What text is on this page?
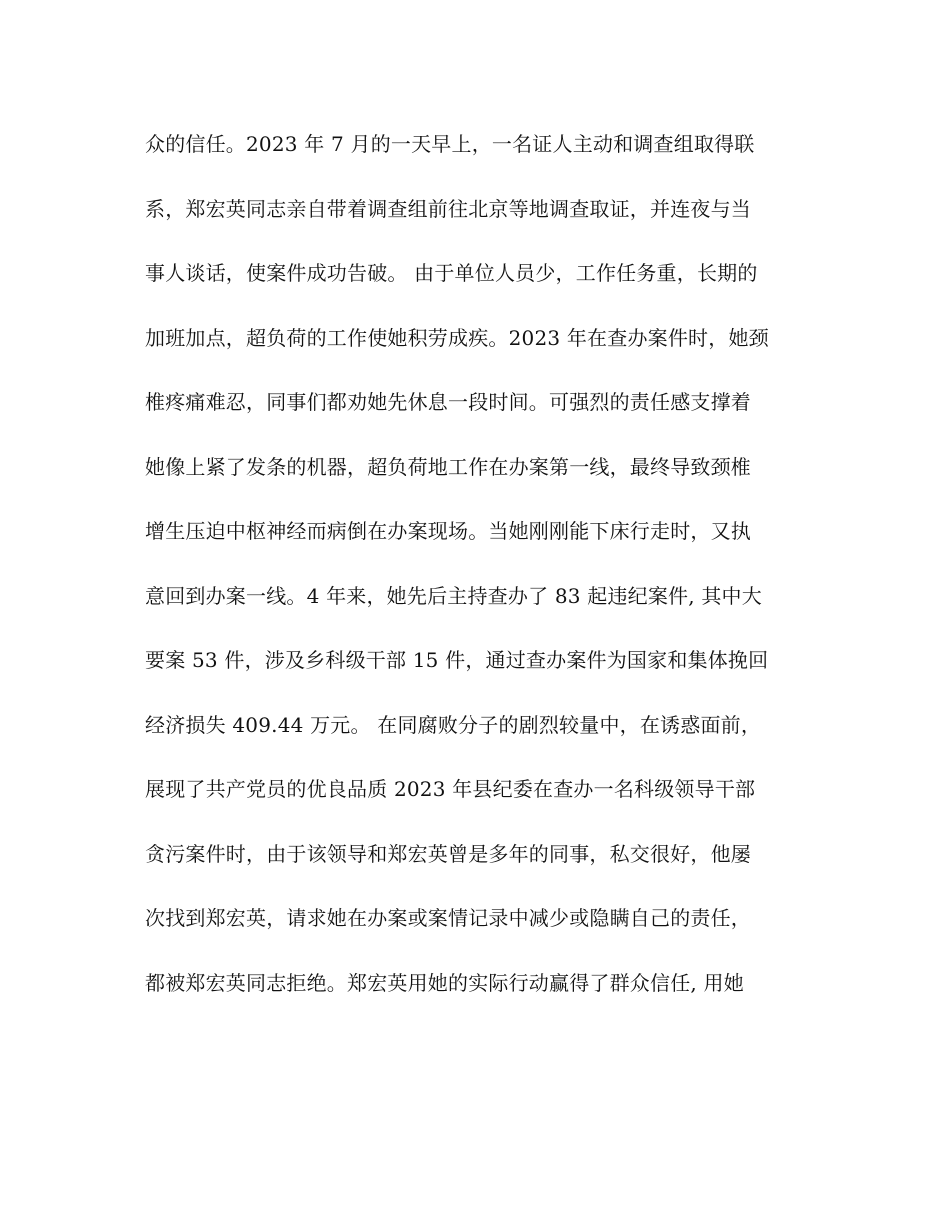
众的信任。2023 年 7 月的一天早上，一名证人主动和调查组取得联
系，郑宏英同志亲自带着调查组前往北京等地调查取证，并连夜与当
事人谈话，使案件成功告破。 由于单位人员少，工作任务重，长期的
加班加点，超负荷的工作使她积劳成疾。2023 年在查办案件时，她颈
椎疼痛难忍，同事们都劝她先休息一段时间。可强烈的责任感支撑着
她像上紧了发条的机器，超负荷地工作在办案第一线，最终导致颈椎
增生压迫中枢神经而病倒在办案现场。当她刚刚能下床行走时，又执
意回到办案一线。4 年来，她先后主持查办了 83 起违纪案件, 其中大
要案 53 件，涉及乡科级干部 15 件，通过查办案件为国家和集体挽回
经济损失 409.44 万元。 在同腐败分子的剧烈较量中，在诱惑面前，
展现了共产党员的优良品质 2023 年县纪委在查办一名科级领导干部
贪污案件时，由于该领导和郑宏英曾是多年的同事，私交很好，他屡
次找到郑宏英，请求她在办案或案情记录中减少或隐瞒自己的责任，
都被郑宏英同志拒绝。郑宏英用她的实际行动赢得了群众信任, 用她
